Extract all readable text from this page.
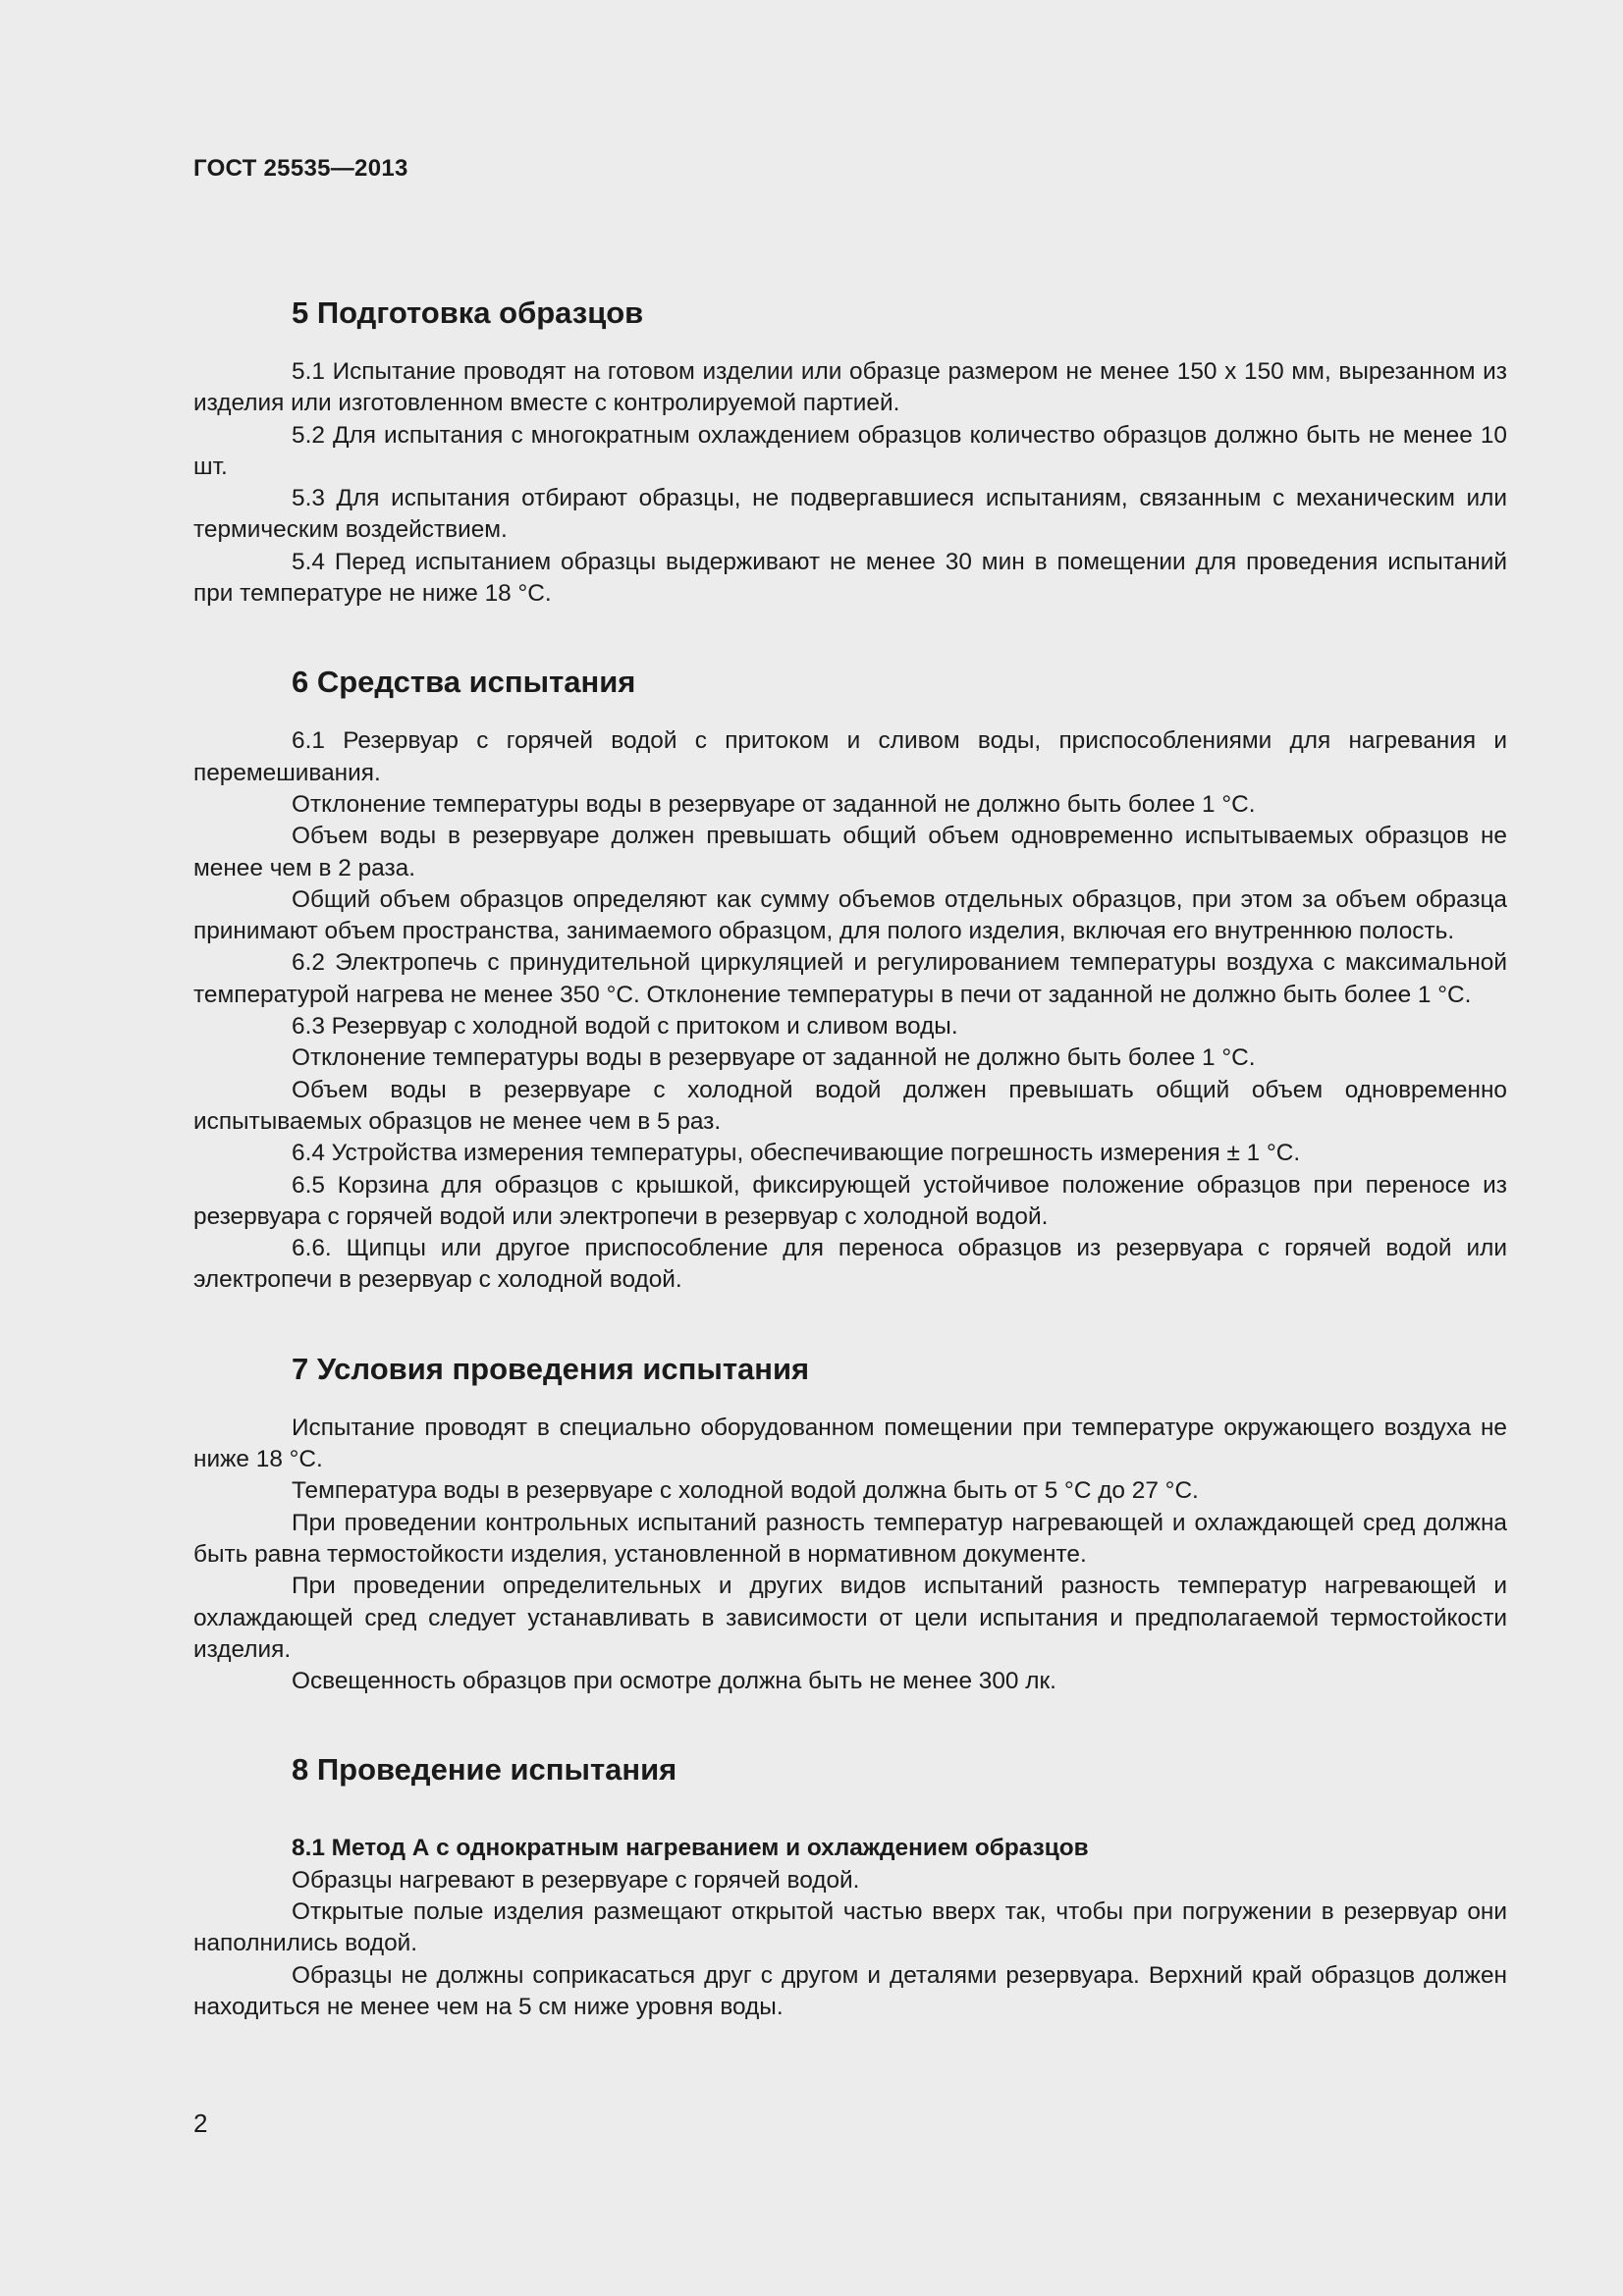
ГОСТ 25535—2013
5 Подготовка образцов

5.1 Испытание проводят на готовом изделии или образце размером не менее 150 х 150 мм, вырезанном из изделия или изготовленном вместе с контролируемой партией.

5.2 Для испытания с многократным охлаждением образцов количество образцов должно быть не менее 10 шт.

5.3 Для испытания отбирают образцы, не подвергавшиеся испытаниям, связанным с механическим или термическим воздействием.

5.4 Перед испытанием образцы выдерживают не менее 30 мин в помещении для проведения испытаний при температуре не ниже 18 °С.

6 Средства испытания

6.1 Резервуар с горячей водой с притоком и сливом воды, приспособлениями для нагревания и перемешивания.

Отклонение температуры воды в резервуаре от заданной не должно быть более 1 °С.

Объем воды в резервуаре должен превышать общий объем одновременно испытываемых образцов не менее чем в 2 раза.

Общий объем образцов определяют как сумму объемов отдельных образцов, при этом за объем образца принимают объем пространства, занимаемого образцом, для полого изделия, включая его внутреннюю полость.

6.2 Электропечь с принудительной циркуляцией и регулированием температуры воздуха с максимальной температурой нагрева не менее 350 °С. Отклонение температуры в печи от заданной не должно быть более 1 °С.

6.3 Резервуар с холодной водой с притоком и сливом воды.

Отклонение температуры воды в резервуаре от заданной не должно быть более 1 °С.

Объем воды в резервуаре с холодной водой должен превышать общий объем одновременно испытываемых образцов не менее чем в 5 раз.

6.4 Устройства измерения температуры, обеспечивающие погрешность измерения ± 1 °С.

6.5 Корзина для образцов с крышкой, фиксирующей устойчивое положение образцов при переносе из резервуара с горячей водой или электропечи в резервуар с холодной водой.

6.6. Щипцы или другое приспособление для переноса образцов из резервуара с горячей водой или электропечи в резервуар с холодной водой.

7 Условия проведения испытания

Испытание проводят в специально оборудованном помещении при температуре окружающего воздуха не ниже 18 °С.

Температура воды в резервуаре с холодной водой должна быть от 5 °С до 27 °С.

При проведении контрольных испытаний разность температур нагревающей и охлаждающей сред должна быть равна термостойкости изделия, установленной в нормативном документе.

При проведении определительных и других видов испытаний разность температур нагревающей и охлаждающей сред следует устанавливать в зависимости от цели испытания и предполагаемой термостойкости изделия.

Освещенность образцов при осмотре должна быть не менее 300 лк.

8 Проведение испытания

8.1 Метод А с однократным нагреванием и охлаждением образцов

Образцы нагревают в резервуаре с горячей водой.

Открытые полые изделия размещают открытой частью вверх так, чтобы при погружении в резервуар они наполнились водой.

Образцы не должны соприкасаться друг с другом и деталями резервуара. Верхний край образцов должен находиться не менее чем на 5 см ниже уровня воды.

2
